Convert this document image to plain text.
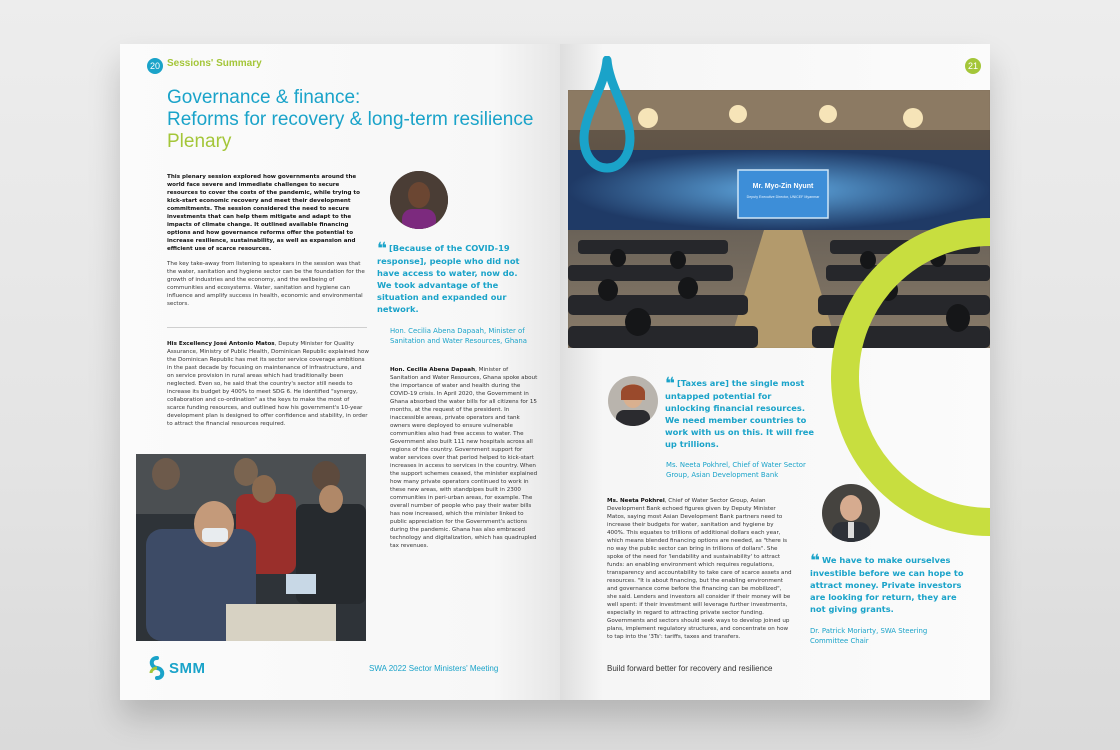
20 Sessions' Summary
Governance & finance:
Reforms for recovery & long-term resilience
Plenary

This plenary session explored how governments around the world face severe and immediate challenges to secure resources to cover the costs of the pandemic, while trying to kick-start economic recovery and meet their development commitments. The session considered the need to secure investments that can help them mitigate and adapt to the impacts of climate change. It outlined available financing options and how governance reforms offer the potential to increase resilience, sustainability, as well as expansion and efficient use of scarce resources.

The key take-away from listening to speakers in the session was that the water, sanitation and hygiene sector can be the foundation for the growth of industries and the economy, and the wellbeing of communities and ecosystems. Water, sanitation and hygiene can influence and amplify success in health, economic and environmental sectors.

His Excellency José Antonio Matos, Deputy Minister for Quality Assurance, Ministry of Public Health, Dominican Republic explained how the Dominican Republic has met its sector service coverage ambitions in the past decade by focusing on maintenance of infrastructure, and on service provision in rural areas which had traditionally been neglected. Even so, he said that the country's sector still needs to increase its budget by 400% to meet SDG 6. He identified "synergy, collaboration and co-ordination" as the keys to make the most of scarce funding resources, and outlined how his government's 10-year development plan is designed to offer confidence and stability, in order to attract the financial resources required.

❝ [Because of the COVID-19 response], people who did not have access to water, now do. We took advantage of the situation and expanded our network.
Hon. Cecilia Abena Dapaah, Minister of Sanitation and Water Resources, Ghana

Hon. Cecilia Abena Dapaah, Minister of Sanitation and Water Resources, Ghana spoke about the importance of water and health during the COVID-19 crisis. In April 2020, the Government in Ghana absorbed the water bills for all citizens for 15 months, at the request of the president. In inaccessible areas, private operators and tank owners were deployed to ensure vulnerable communities also had free access to water. The Government also built 111 new hospitals across all regions of the country. Government support for water services over that period helped to kick-start increases in access to services in the country. When the support schemes ceased, the minister explained how many private operators continued to work in these new areas, with standpipes built in 2300 communities in peri-urban areas, for example. The overall number of people who pay their water bills has now increased, which the minister linked to public appreciation for the Government's actions during the pandemic. Ghana has also embraced technology and digitalization, which has quadrupled tax revenues.

SMM	SWA 2022 Sector Ministers' Meeting
21
Mr. Myo-Zin Nyunt
Deputy Executive Director, UNICEF Myanmar
❝ [Taxes are] the single most untapped potential for unlocking financial resources. We need member countries to work with us on this. It will free up trillions.
Ms. Neeta Pokhrel, Chief of Water Sector Group, Asian Development Bank

Ms. Neeta Pokhrel, Chief of Water Sector Group, Asian Development Bank echoed figures given by Deputy Minister Matos, saying most Asian Development Bank partners need to increase their budgets for water, sanitation and hygiene by 400%. This equates to trillions of additional dollars each year, which means blended financing options are needed, as "there is no way the public sector can bring in trillions of dollars". She spoke of the need for 'lendability and sustainability' to attract funds: an enabling environment which requires regulations, transparency and accountability to take care of scarce assets and resources. "It is about financing, but the enabling environment and governance come before the financing can be mobilized", she said. Lenders and investors all consider if their money will be well spent: if their investment will leverage further investments, especially in regard to attracting private sector funding. Governments and sectors should seek ways to develop joined up plans, implement regulatory structures, and concentrate on how to tap into the '3Ts': tariffs, taxes and transfers.

❝ We have to make ourselves investible before we can hope to attract money. Private investors are looking for return, they are not giving grants.
Dr. Patrick Moriarty, SWA Steering Committee Chair
Build forward better for recovery and resilience
